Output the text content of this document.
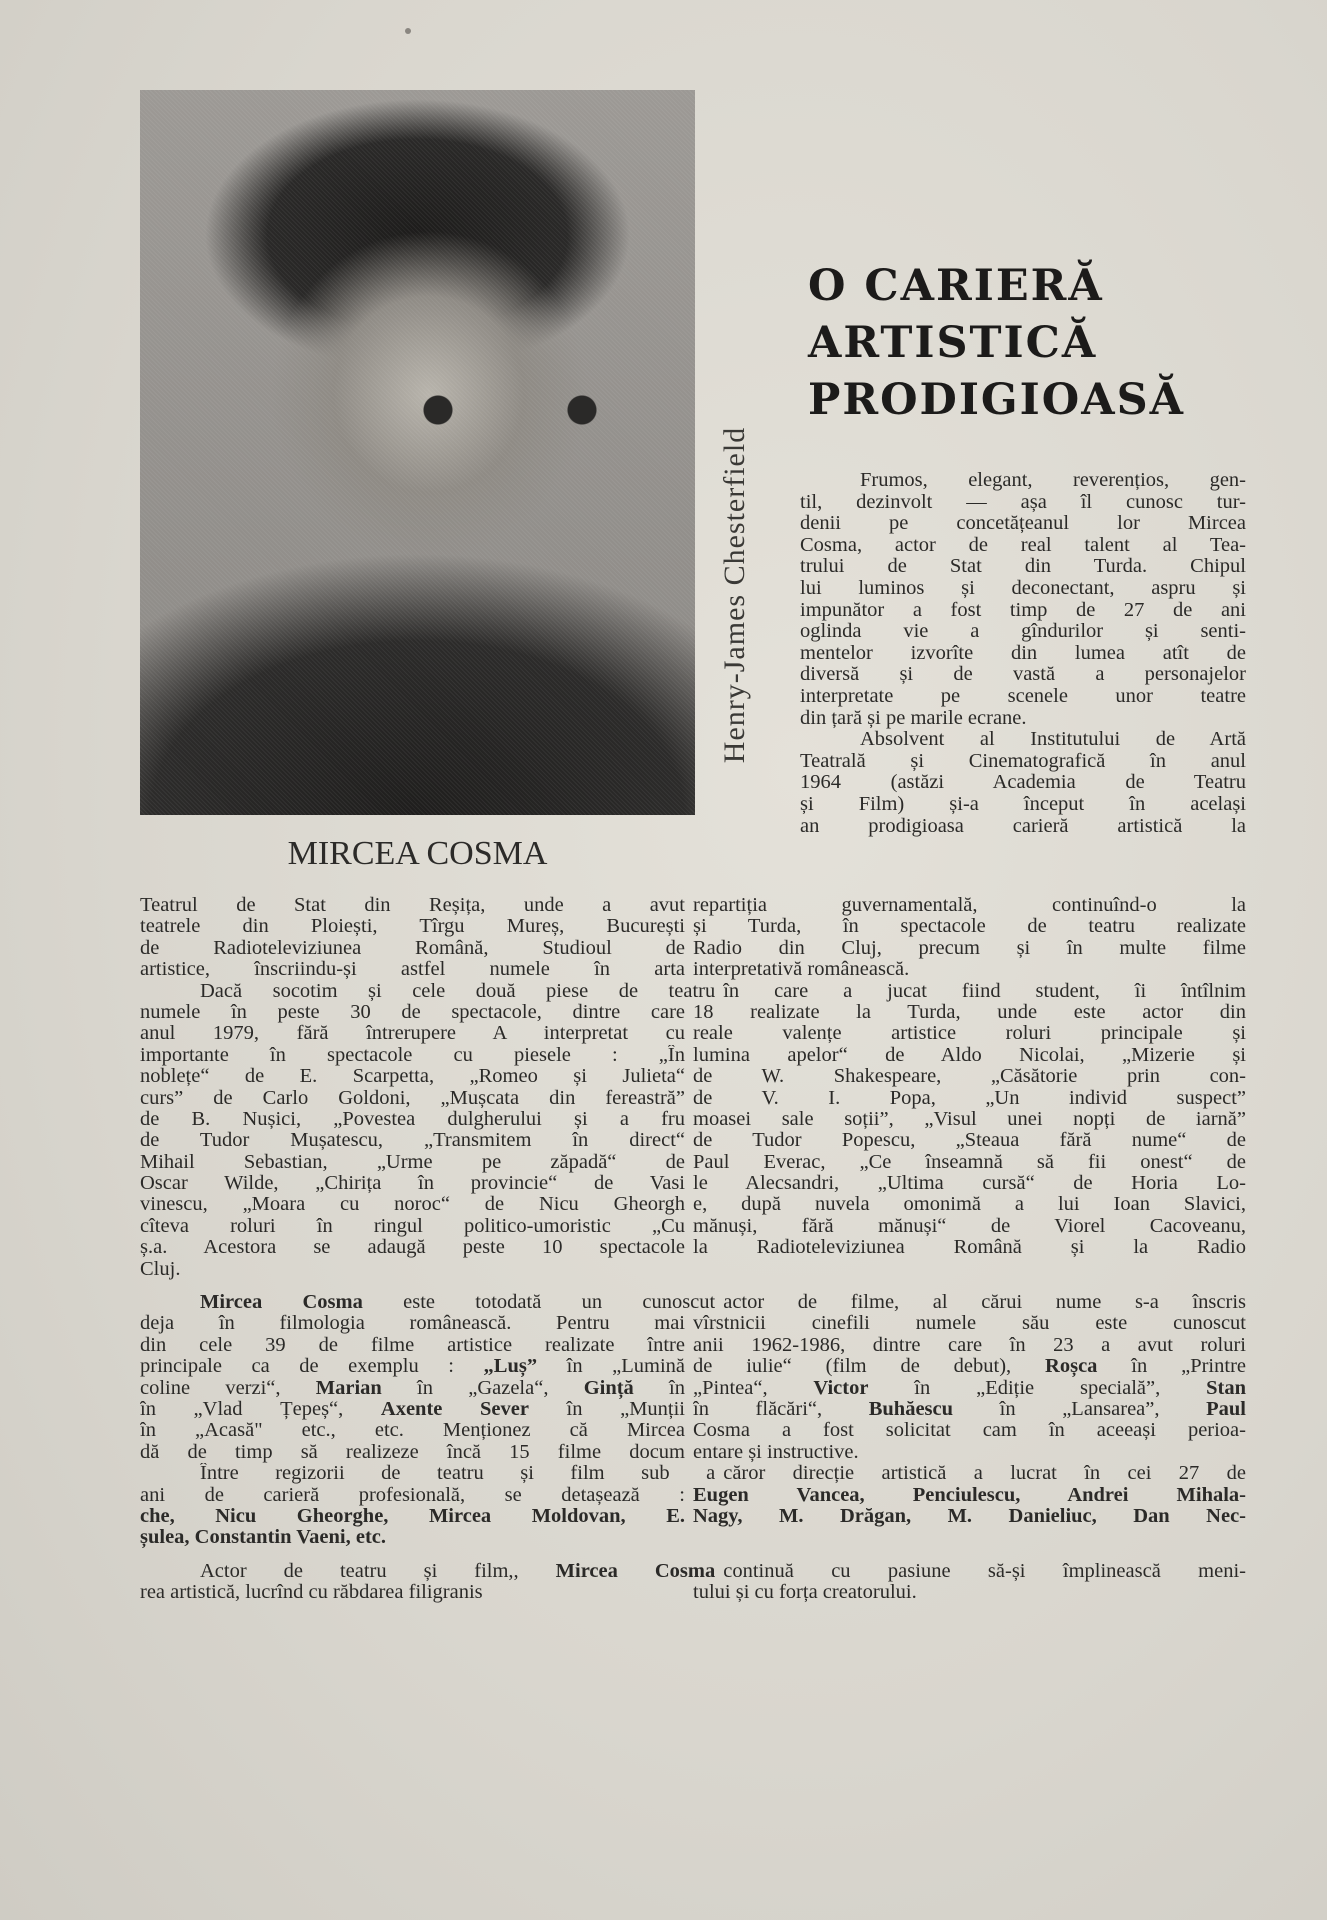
Henry-James Chesterfield
O CARIERĂ
ARTISTICĂ
PRODIGIOASĂ
MIRCEA COSMA
Frumos, elegant, reverențios, gen-
til, dezinvolt — așa îl cunosc tur-
denii pe concetățeanul lor Mircea
Cosma, actor de real talent al Tea-
trului de Stat din Turda. Chipul
lui luminos și deconectant, aspru și
impunător a fost timp de 27 de ani
oglinda vie a gîndurilor și senti-
mentelor izvorîte din lumea atît de
diversă și de vastă a personajelor
interpretate pe scenele unor teatre
din țară și pe marile ecrane.
Absolvent al Institutului de Artă
Teatrală și Cinematografică în anul
1964 (astăzi Academia de Teatru
și Film) și-a început în același
an prodigioasa carieră artistică la
Teatrul de Stat din Reșița, unde a avut repartiția guvernamentală, continuînd-o la
teatrele din Ploiești, Tîrgu Mureș, București și Turda, în spectacole de teatru realizate
de Radioteleviziunea Română, Studioul de Radio din Cluj, precum și în multe filme
artistice, înscriindu-și astfel numele în arta interpretativă românească.
Dacă socotim și cele două piese de teatru în care a jucat fiind student, îi întîlnim
numele în peste 30 de spectacole, dintre care 18 realizate la Turda, unde este actor din
anul 1979, fără întrerupere A interpretat cu reale valențe artistice roluri principale și
importante în spectacole cu piesele : „În lumina apelor“ de Aldo Nicolai, „Mizerie și
noblețe“ de E. Scarpetta, „Romeo și Julieta“ de W. Shakespeare, „Căsătorie prin con-
curs” de Carlo Goldoni, „Mușcata din fereastră” de V. I. Popa, „Un individ suspect”
de B. Nușici, „Povestea dulgherului și a fru moasei sale soții”, „Visul unei nopți de iarnă”
de Tudor Mușatescu, „Transmitem în direct“ de Tudor Popescu, „Steaua fără nume“ de
Mihail Sebastian, „Urme pe zăpadă“ de Paul Everac, „Ce înseamnă să fii onest“ de
Oscar Wilde, „Chirița în provincie“ de Vasi le Alecsandri, „Ultima cursă“ de Horia Lo-
vinescu, „Moara cu noroc“ de Nicu Gheorgh e, după nuvela omonimă a lui Ioan Slavici,
cîteva roluri în ringul politico-umoristic „Cu mănuși, fără mănuși“ de Viorel Cacoveanu,
ș.a. Acestora se adaugă peste 10 spectacole la Radioteleviziunea Română și la Radio
Cluj.
Mircea Cosma este totodată un cunoscut actor de filme, al cărui nume s-a înscris
deja în filmologia românească. Pentru mai vîrstnicii cinefili numele său este cunoscut
din cele 39 de filme artistice realizate între anii 1962-1986, dintre care în 23 a avut roluri
principale ca de exemplu : „Luș” în „Lumină de iulie“ (film de debut), Roșca în „Printre
coline verzi“, Marian în „Gazela“, Gință în „Pintea“, Victor în „Ediție specială”, Stan
în „Vlad Țepeș“, Axente Sever în „Munții în flăcări“, Buhăescu în „Lansarea”, Paul
în „Acasă" etc., etc. Menționez că Mircea Cosma a fost solicitat cam în aceeași perioa-
dă de timp să realizeze încă 15 filme docum entare și instructive.
Între regizorii de teatru și film sub a căror direcție artistică a lucrat în cei 27 de
ani de carieră profesională, se detașează : Eugen Vancea, Penciulescu, Andrei Mihala-
che, Nicu Gheorghe, Mircea Moldovan, E. Nagy, M. Drăgan, M. Danieliuc, Dan Nec-
șulea, Constantin Vaeni, etc.
Actor de teatru și film,, Mircea Cosma continuă cu pasiune să-și împlinească meni-
rea artistică, lucrînd cu răbdarea filigranis	tului și cu forța creatorului.
